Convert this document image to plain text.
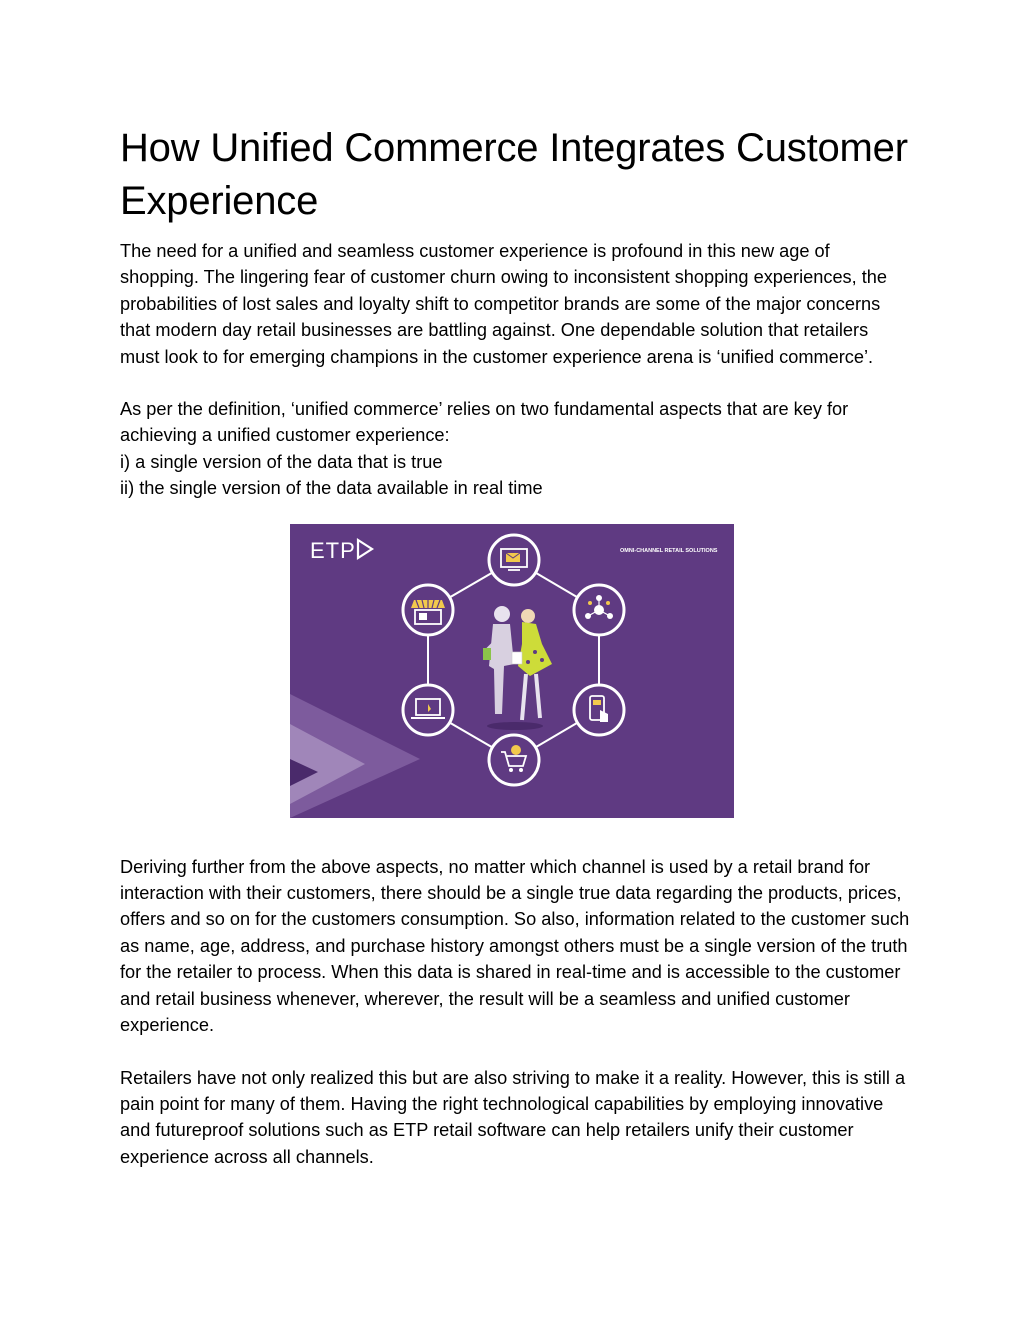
How Unified Commerce Integrates Customer Experience

The need for a unified and seamless customer experience is profound in this new age of shopping. The lingering fear of customer churn owing to inconsistent shopping experiences, the probabilities of lost sales and loyalty shift to competitor brands are some of the major concerns that modern day retail businesses are battling against. One dependable solution that retailers must look to for emerging champions in the customer experience arena is ‘unified commerce’.

As per the definition, ‘unified commerce’ relies on two fundamental aspects that are key for achieving a unified customer experience:

i) a single version of the data that is true

ii) the single version of the data available in real time

ETP	OMNI-CHANNEL RETAIL SOLUTIONS

Deriving further from the above aspects, no matter which channel is used by a retail brand for interaction with their customers, there should be a single true data regarding the products, prices, offers and so on for the customers consumption. So also, information related to the customer such as name, age, address, and purchase history amongst others must be a single version of the truth for the retailer to process. When this data is shared in real-time and is accessible to the customer and retail business whenever, wherever, the result will be a seamless and unified customer experience.

Retailers have not only realized this but are also striving to make it a reality. However, this is still a pain point for many of them. Having the right technological capabilities by employing innovative and futureproof solutions such as ETP retail software can help retailers unify their customer experience across all channels.
